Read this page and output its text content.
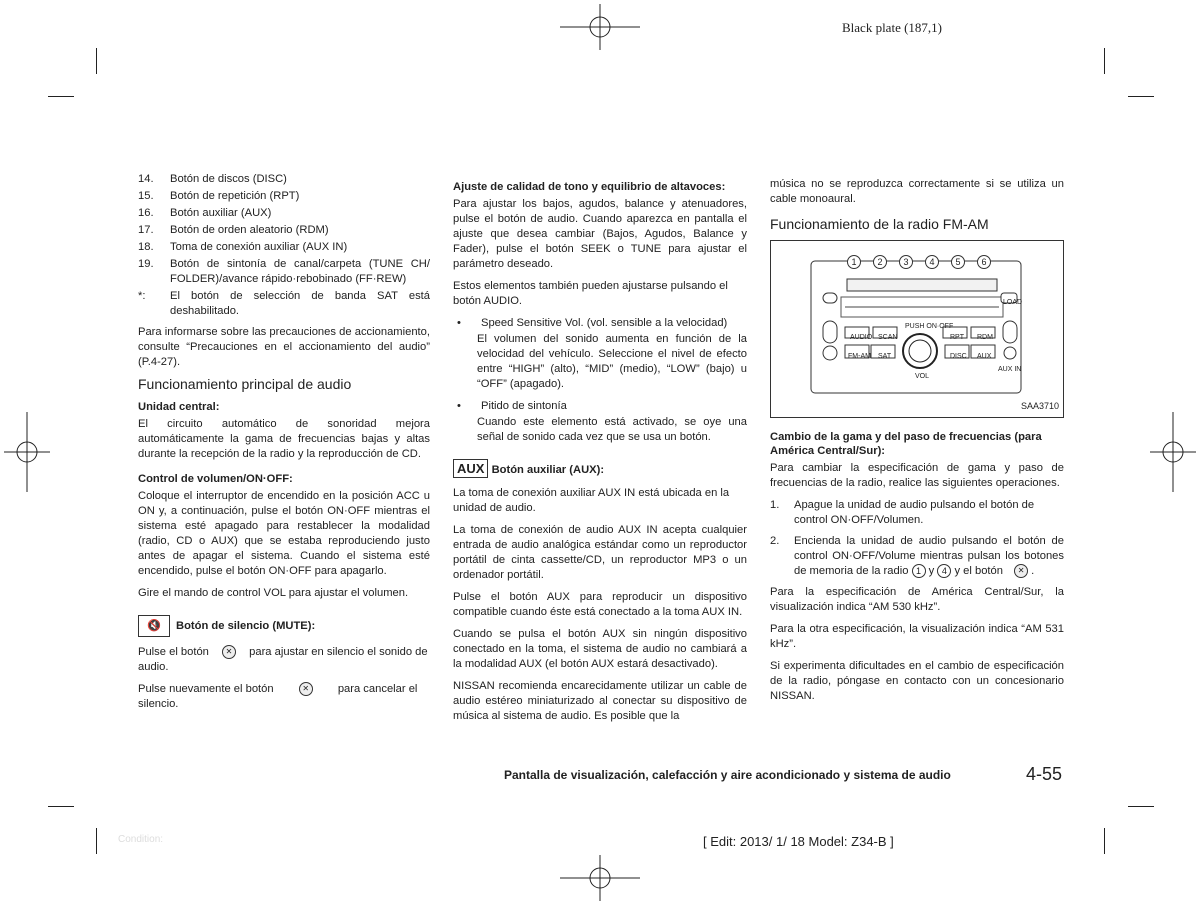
Black plate (187,1)
14.	Botón de discos (DISC)
15.	Botón de repetición (RPT)
16.	Botón auxiliar (AUX)
17.	Botón de orden aleatorio (RDM)
18.	Toma de conexión auxiliar (AUX IN)
19.	Botón de sintonía de canal/carpeta (TUNE CH/ FOLDER)/avance rápido·rebobinado (FF·REW)
*:	El botón de selección de banda SAT está deshabilitado.

Para informarse sobre las precauciones de accionamiento, consulte “Precauciones en el accionamiento del audio” (P.4-27).

Funcionamiento principal de audio
Unidad central:

El circuito automático de sonoridad mejora automáticamente la gama de frecuencias bajas y altas durante la recepción de la radio y la reproducción de CD.

Control de volumen/ON·OFF:

Coloque el interruptor de encendido en la posición ACC u ON y, a continuación, pulse el botón ON·OFF mientras el sistema esté apagado para restablecer la modalidad (radio, CD o AUX) que se estaba reproduciendo justo antes de apagar el sistema. Cuando el sistema esté encendido, pulse el botón ON·OFF para apagarlo.

Gire el mando de control VOL para ajustar el volumen.

🔇 Botón de silencio (MUTE):

Pulse el botón ✕ para ajustar en silencio el sonido de audio.

Pulse nuevamente el botón	✕	para cancelar el silencio.

Ajuste de calidad de tono y equilibrio de altavoces:

Para ajustar los bajos, agudos, balance y atenuadores, pulse el botón de audio. Cuando aparezca en pantalla el ajuste que desea cambiar (Bajos, Agudos, Balance y Fader), pulse el botón SEEK o TUNE para ajustar el parámetro deseado.

Estos elementos también pueden ajustarse pulsando el botón AUDIO.

•	Speed Sensitive Vol. (vol. sensible a la velocidad)

El volumen del sonido aumenta en función de la velocidad del vehículo. Seleccione el nivel de efecto entre “HIGH” (alto), “MID” (medio), “LOW” (bajo) u “OFF” (apagado).

•	Pitido de sintonía

Cuando este elemento está activado, se oye una señal de sonido cada vez que se usa un botón.

AUX Botón auxiliar (AUX):

La toma de conexión auxiliar AUX IN está ubicada en la unidad de audio.

La toma de conexión de audio AUX IN acepta cualquier entrada de audio analógica estándar como un reproductor portátil de cinta cassette/CD, un reproductor MP3 o un ordenador portátil.

Pulse el botón AUX para reproducir un dispositivo compatible cuando éste está conectado a la toma AUX IN.

Cuando se pulsa el botón AUX sin ningún dispositivo conectado en la toma, el sistema de audio no cambiará a la modalidad AUX (el botón AUX estará desactivado).

NISSAN recomienda encarecidamente utilizar un cable de audio estéreo miniaturizado al conectar su dispositivo de música al sistema de audio. Es posible que la

música no se reproduzca correctamente si se utiliza un cable monoaural.

Funcionamiento de la radio FM-AM
1	2	3	4	5	6
AUDIO SCAN	RPT RDM
FM-AM SAT	DISC AUX
VOL
LOAD
PUSH ON·OFF
AUX IN
SAA3710
Cambio de la gama y del paso de frecuencias (para América Central/Sur):

Para cambiar la especificación de gama y paso de frecuencias de la radio, realice las siguientes operaciones.

1.	Apague la unidad de audio pulsando el botón de control ON·OFF/Volumen.
2.	Encienda la unidad de audio pulsando el botón de control ON·OFF/Volume mientras pulsan los botones de memoria de la radio 1 y 4 y el botón ✕ .

Para la especificación de América Central/Sur, la visualización indica “AM 530 kHz”.

Para la otra especificación, la visualización indica “AM 531 kHz”.

Si experimenta dificultades en el cambio de especificación de la radio, póngase en contacto con un concesionario NISSAN.

Pantalla de visualización, calefacción y aire acondicionado y sistema de audio	4-55
Condition:	[ Edit: 2013/ 1/ 18 Model: Z34-B ]
